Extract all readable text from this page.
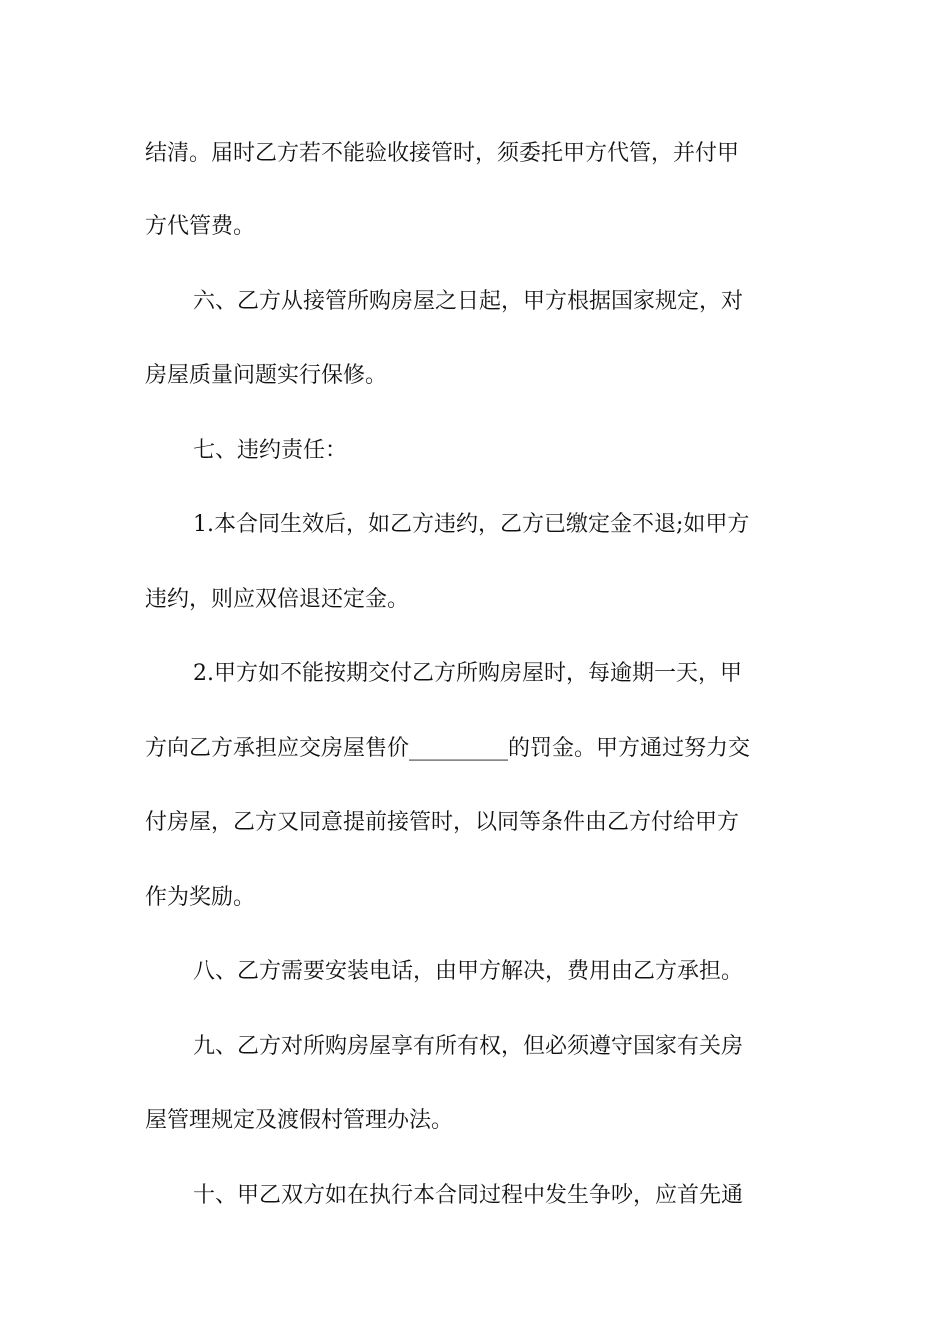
结清。届时乙方若不能验收接管时，须委托甲方代管，并付甲
方代管费。
六、乙方从接管所购房屋之日起，甲方根据国家规定，对
房屋质量问题实行保修。
七、违约责任：
1.本合同生效后，如乙方违约，乙方已缴定金不退;如甲方
违约，则应双倍退还定金。
2.甲方如不能按期交付乙方所购房屋时，每逾期一天，甲
方向乙方承担应交房屋售价_________的罚金。甲方通过努力交
付房屋，乙方又同意提前接管时，以同等条件由乙方付给甲方
作为奖励。
八、乙方需要安装电话，由甲方解决，费用由乙方承担。
九、乙方对所购房屋享有所有权，但必须遵守国家有关房
屋管理规定及渡假村管理办法。
十、甲乙双方如在执行本合同过程中发生争吵，应首先通
